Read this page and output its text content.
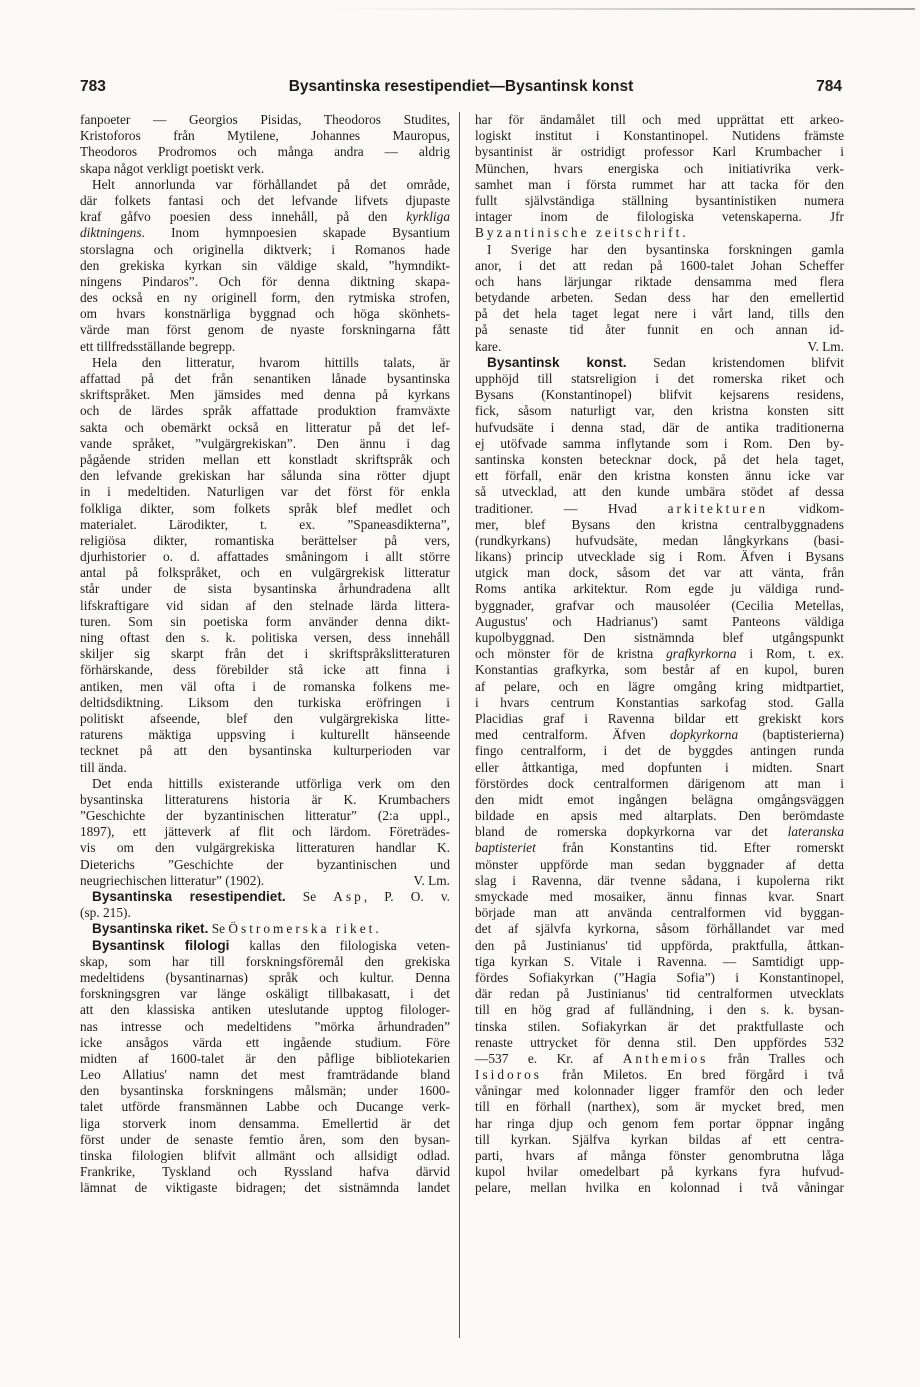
783	Bysantinska resestipendiet—Bysantinsk konst	784
fanpoeter — Georgios Pisidas, Theodoros Studites,
Kristoforos från Mytilene, Johannes Mauropus,
Theodoros Prodromos och många andra — aldrig
skapa något verkligt poetiskt verk.
Helt annorlunda var förhållandet på det område,
där folkets fantasi och det lefvande lifvets djupaste
kraf gåfvo poesien dess innehåll, på den kyrkliga
diktningens. Inom hymnpoesien skapade Bysantium
storslagna och originella diktverk; i Romanos hade
den grekiska kyrkan sin väldige skald, ”hymndikt-
ningens Pindaros”. Och för denna diktning skapa-
des också en ny originell form, den rytmiska strofen,
om hvars konstnärliga byggnad och höga skönhets-
värde man först genom de nyaste forskningarna fått
ett tillfredsställande begrepp.
Hela den litteratur, hvarom hittills talats, är
affattad på det från senantiken lånade bysantinska
skriftspråket. Men jämsides med denna på kyrkans
och de lärdes språk affattade produktion framväxte
sakta och obemärkt också en litteratur på det lef-
vande språket, ”vulgärgrekiskan”. Den ännu i dag
pågående striden mellan ett konstladt skriftspråk och
den lefvande grekiskan har sålunda sina rötter djupt
in i medeltiden. Naturligen var det först för enkla
folkliga dikter, som folkets språk blef medlet och
materialet. Lärodikter, t. ex. ”Spaneasdikterna”,
religiösa dikter, romantiska berättelser på vers,
djurhistorier o. d. affattades småningom i allt större
antal på folkspråket, och en vulgärgrekisk litteratur
står under de sista bysantinska århundradena allt
lifskraftigare vid sidan af den stelnade lärda littera-
turen. Som sin poetiska form använder denna dikt-
ning oftast den s. k. politiska versen, dess innehåll
skiljer sig skarpt från det i skriftspråkslitteraturen
förhärskande, dess förebilder stå icke att finna i
antiken, men väl ofta i de romanska folkens me-
deltidsdiktning. Liksom den turkiska eröfringen i
politiskt afseende, blef den vulgärgrekiska litte-
raturens mäktiga uppsving i kulturellt hänseende
tecknet på att den bysantinska kulturperioden var
till ända.
Det enda hittills existerande utförliga verk om den
bysantinska litteraturens historia är K. Krumbachers
”Geschichte der byzantinischen litteratur” (2:a uppl.,
1897), ett jätteverk af flit och lärdom. Företrädes-
vis om den vulgärgrekiska litteraturen handlar K.
Dieterichs ”Geschichte der byzantinischen und
neugriechischen litteratur” (1902).	V. Lm.
Bysantinska resestipendiet. Se Asp, P. O. v.
(sp. 215).
Bysantinska riket. Se Östromerska riket.
Bysantinsk filologi kallas den filologiska veten-
skap, som har till forskningsföremål den grekiska
medeltidens (bysantinarnas) språk och kultur. Denna
forskningsgren var länge oskäligt tillbakasatt, i det
att den klassiska antiken uteslutande upptog filologer-
nas intresse och medeltidens ”mörka århundraden”
icke ansågos värda ett ingående studium. Före
midten af 1600-talet är den påflige bibliotekarien
Leo Allatius' namn det mest framträdande bland
den bysantinska forskningens målsmän; under 1600-
talet utförde fransmännen Labbe och Ducange verk-
liga storverk inom densamma. Emellertid är det
först under de senaste femtio åren, som den bysan-
tinska filologien blifvit allmänt och allsidigt odlad.
Frankrike, Tyskland och Ryssland hafva därvid
lämnat de viktigaste bidragen; det sistnämnda landet
har för ändamålet till och med upprättat ett arkeo-
logiskt institut i Konstantinopel. Nutidens främste
bysantinist är ostridigt professor Karl Krumbacher i
München, hvars energiska och initiativrika verk-
samhet man i första rummet har att tacka för den
fullt självständiga ställning bysantinistiken numera
intager inom de filologiska vetenskaperna. Jfr
Byzantinische zeitschrift.
I Sverige har den bysantinska forskningen gamla
anor, i det att redan på 1600-talet Johan Scheffer
och hans lärjungar riktade densamma med flera
betydande arbeten. Sedan dess har den emellertid
på det hela taget legat nere i vårt land, tills den
på senaste tid åter funnit en och annan id-
kare.	V. Lm.
Bysantinsk konst. Sedan kristendomen blifvit
upphöjd till statsreligion i det romerska riket och
Bysans (Konstantinopel) blifvit kejsarens residens,
fick, såsom naturligt var, den kristna konsten sitt
hufvudsäte i denna stad, där de antika traditionerna
ej utöfvade samma inflytande som i Rom. Den by-
santinska konsten betecknar dock, på det hela taget,
ett förfall, enär den kristna konsten ännu icke var
så utvecklad, att den kunde umbära stödet af dessa
traditioner. — Hvad arkitekturen vidkom-
mer, blef Bysans den kristna centralbyggnadens
(rundkyrkans) hufvudsäte, medan långkyrkans (basi-
likans) princip utvecklade sig i Rom. Äfven i Bysans
utgick man dock, såsom det var att vänta, från
Roms antika arkitektur. Rom egde ju väldiga rund-
byggnader, grafvar och mausoléer (Cecilia Metellas,
Augustus' och Hadrianus') samt Panteons väldiga
kupolbyggnad. Den sistnämnda blef utgångspunkt
och mönster för de kristna grafkyrkorna i Rom, t. ex.
Konstantias grafkyrka, som består af en kupol, buren
af pelare, och en lägre omgång kring midtpartiet,
i hvars centrum Konstantias sarkofag stod. Galla
Placidias graf i Ravenna bildar ett grekiskt kors
med centralform. Äfven dopkyrkorna (baptisterierna)
fingo centralform, i det de byggdes antingen runda
eller åttkantiga, med dopfunten i midten. Snart
förstördes dock centralformen därigenom att man i
den midt emot ingången belägna omgångsväggen
bildade en apsis med altarplats. Den berömdaste
bland de romerska dopkyrkorna var det lateranska
baptisteriet från Konstantins tid. Efter romerskt
mönster uppförde man sedan byggnader af detta
slag i Ravenna, där tvenne sådana, i kupolerna rikt
smyckade med mosaiker, ännu finnas kvar. Snart
började man att använda centralformen vid byggan-
det af självfa kyrkorna, såsom förhållandet var med
den på Justinianus' tid uppförda, praktfulla, åttkan-
tiga kyrkan S. Vitale i Ravenna. — Samtidigt upp-
fördes Sofiakyrkan (”Hagia Sofia”) i Konstantinopel,
där redan på Justinianus' tid centralformen utvecklats
till en hög grad af fulländning, i den s. k. bysan-
tinska stilen. Sofiakyrkan är det praktfullaste och
renaste uttrycket för denna stil. Den uppfördes 532
—537 e. Kr. af Anthemios från Tralles och
Isidoros från Miletos. En bred förgård i två
våningar med kolonnader ligger framför den och leder
till en förhall (narthex), som är mycket bred, men
har ringa djup och genom fem portar öppnar ingång
till kyrkan. Själfva kyrkan bildas af ett centra-
parti, hvars af många fönster genombrutna låga
kupol hvilar omedelbart på kyrkans fyra hufvud-
pelare, mellan hvilka en kolonnad i två våningar
